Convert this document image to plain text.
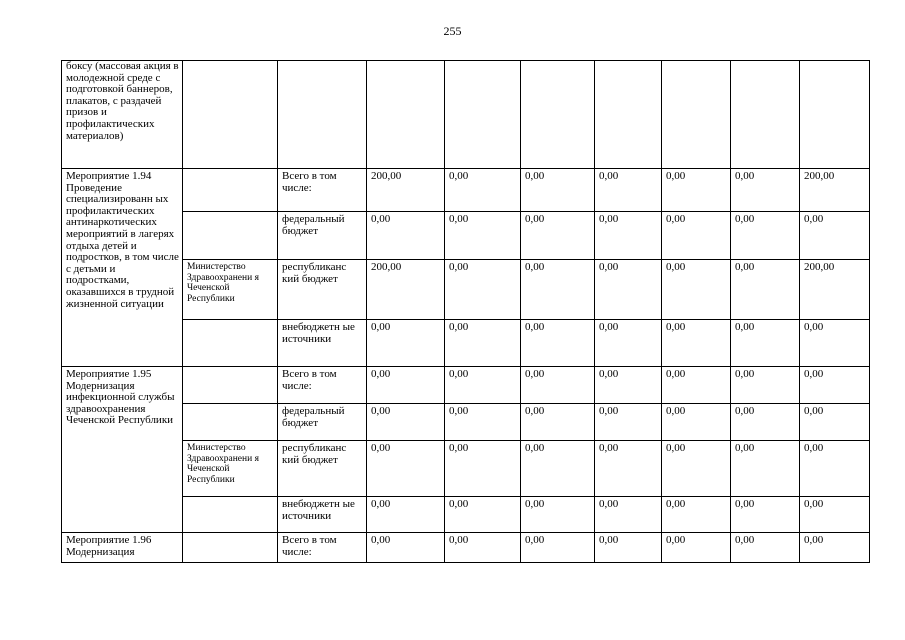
255
боксу (массовая акция в молодежной среде с подготовкой баннеров, плакатов, с раздачей призов и профилактических материалов)									
Мероприятие 1.94 Проведение специализированн ых профилактических антинаркотических мероприятий в лагерях отдыха детей и подростков, в том числе с детьми и подростками, оказавшихся в трудной жизненной ситуации		Всего в том числе:	200,00	0,00	0,00	0,00	0,00	0,00	200,00
		федеральный бюджет	0,00	0,00	0,00	0,00	0,00	0,00	0,00
	Министерство Здравоохранени я Чеченской Республики	республиканс кий бюджет	200,00	0,00	0,00	0,00	0,00	0,00	200,00
		внебюджетн ые источники	0,00	0,00	0,00	0,00	0,00	0,00	0,00
Мероприятие 1.95 Модернизация инфекционной службы здравоохранения Чеченской Республики		Всего в том числе:	0,00	0,00	0,00	0,00	0,00	0,00	0,00
		федеральный бюджет	0,00	0,00	0,00	0,00	0,00	0,00	0,00
	Министерство Здравоохранени я Чеченской Республики	республиканс кий бюджет	0,00	0,00	0,00	0,00	0,00	0,00	0,00
		внебюджетн ые источники	0,00	0,00	0,00	0,00	0,00	0,00	0,00
Мероприятие 1.96 Модернизация		Всего в том числе:	0,00	0,00	0,00	0,00	0,00	0,00	0,00
